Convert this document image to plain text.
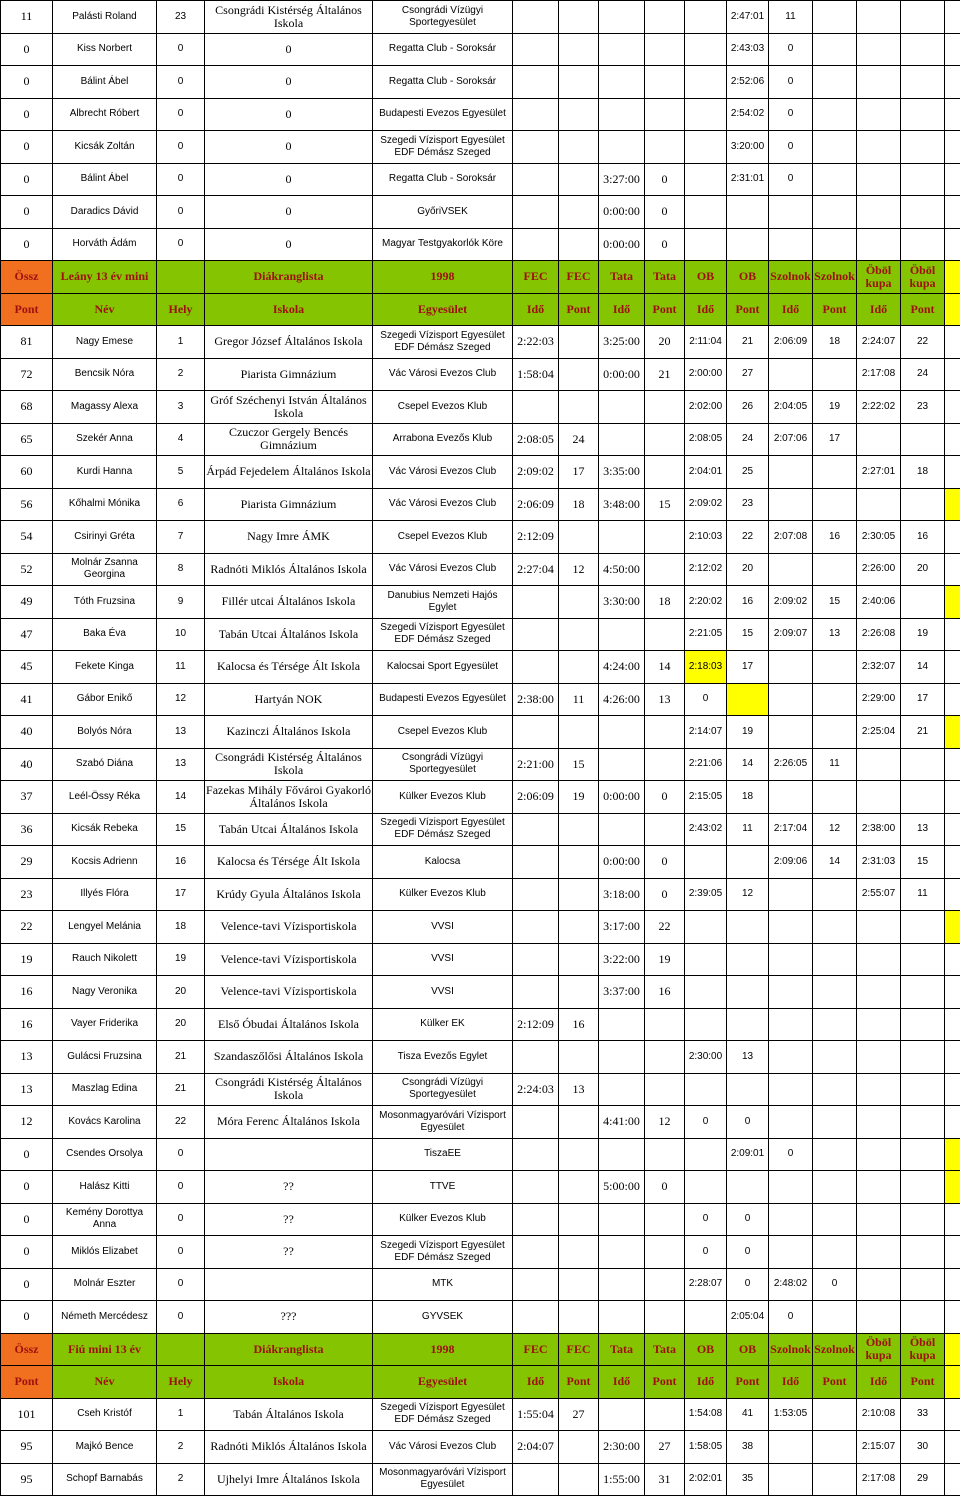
11	Palásti Roland	23	Csongrádi Kistérség Általános Iskola	Csongrádi Vízügyi Sportegyesület						2:47:01	11				
0	Kiss Norbert	0	0	Regatta Club - Soroksár						2:43:03	0				
0	Bálint Ábel	0	0	Regatta Club - Soroksár						2:52:06	0				
0	Albrecht Róbert	0	0	Budapesti Evezos Egyesület						2:54:02	0				
0	Kicsák Zoltán	0	0	Szegedi Vízisport Egyesület EDF Démász Szeged						3:20:00	0				
0	Bálint Ábel	0	0	Regatta Club - Soroksár			3:27:00	0		2:31:01	0				
0	Daradics Dávid	0	0	GyőriVSEK			0:00:00	0							
0	Horváth Ádám	0	0	Magyar Testgyakorlók Köre			0:00:00	0							
Össz	Leány 13 év mini		Diákranglista	1998	FEC	FEC	Tata	Tata	OB	OB	Szolnok	Szolnok	Öböl kupa	Öböl kupa	
Pont	Név	Hely	Iskola	Egyesület	Idő	Pont	Idő	Pont	Idő	Pont	Idő	Pont	Idő	Pont	
81	Nagy Emese	1	Gregor József Általános Iskola	Szegedi Vízisport Egyesület EDF Démász Szeged	2:22:03		3:25:00	20	2:11:04	21	2:06:09	18	2:24:07	22	
72	Bencsik Nóra	2	Piarista Gimnázium	Vác Városi Evezos Club	1:58:04		0:00:00	21	2:00:00	27			2:17:08	24	
68	Magassy Alexa	3	Gróf Széchenyi István Általános Iskola	Csepel Evezos Klub					2:02:00	26	2:04:05	19	2:22:02	23	
65	Szekér Anna	4	Czuczor Gergely Bencés Gimnázium	Arrabona Evezős Klub	2:08:05	24			2:08:05	24	2:07:06	17			
60	Kurdi Hanna	5	Árpád Fejedelem Általános Iskola	Vác Városi Evezos Club	2:09:02	17	3:35:00		2:04:01	25			2:27:01	18	
56	Kőhalmi Mónika	6	Piarista Gimnázium	Vác Városi Evezos Club	2:06:09	18	3:48:00	15	2:09:02	23					
54	Csirinyi Gréta	7	Nagy Imre ÁMK	Csepel Evezos Klub	2:12:09				2:10:03	22	2:07:08	16	2:30:05	16	
52	Molnár Zsanna Georgina	8	Radnóti Miklós Általános Iskola	Vác Városi Evezos Club	2:27:04	12	4:50:00		2:12:02	20			2:26:00	20	
49	Tóth Fruzsina	9	Fillér utcai Általános Iskola	Danubius Nemzeti Hajós Egylet			3:30:00	18	2:20:02	16	2:09:02	15	2:40:06		
47	Baka Éva	10	Tabán Utcai Általános Iskola	Szegedi Vízisport Egyesület EDF Démász Szeged					2:21:05	15	2:09:07	13	2:26:08	19	
45	Fekete Kinga	11	Kalocsa és Térsége Ált Iskola	Kalocsai Sport Egyesület			4:24:00	14	2:18:03	17			2:32:07	14	
41	Gábor Enikő	12	Hartyán NOK	Budapesti Evezos Egyesület	2:38:00	11	4:26:00	13	0				2:29:00	17	
40	Bolyós Nóra	13	Kazinczi Általános Iskola	Csepel Evezos Klub					2:14:07	19			2:25:04	21	
40	Szabó Diána	13	Csongrádi Kistérség Általános Iskola	Csongrádi Vízügyi Sportegyesület	2:21:00	15			2:21:06	14	2:26:05	11			
37	Leél-Össy Réka	14	Fazekas Mihály Fővároi Gyakorló Általános Iskola	Külker Evezos Klub	2:06:09	19	0:00:00	0	2:15:05	18					
36	Kicsák Rebeka	15	Tabán Utcai Általános Iskola	Szegedi Vízisport Egyesület EDF Démász Szeged					2:43:02	11	2:17:04	12	2:38:00	13	
29	Kocsis Adrienn	16	Kalocsa és Térsége Ált Iskola	Kalocsa			0:00:00	0			2:09:06	14	2:31:03	15	
23	Illyés Flóra	17	Krúdy Gyula Általános Iskola	Külker Evezos Klub			3:18:00	0	2:39:05	12			2:55:07	11	
22	Lengyel Melánia	18	Velence-tavi Vízisportiskola	VVSI			3:17:00	22							
19	Rauch Nikolett	19	Velence-tavi Vízisportiskola	VVSI			3:22:00	19							
16	Nagy Veronika	20	Velence-tavi Vízisportiskola	VVSI			3:37:00	16							
16	Vayer Friderika	20	Első Óbudai Általános Iskola	Külker EK	2:12:09	16									
13	Gulácsi Fruzsina	21	Szandaszőlősi Általános Iskola	Tisza Evezős Egylet					2:30:00	13					
13	Maszlag Edina	21	Csongrádi Kistérség Általános Iskola	Csongrádi Vízügyi Sportegyesület	2:24:03	13									
12	Kovács Karolina	22	Móra Ferenc Általános Iskola	Mosonmagyaróvári Vízisport Egyesület			4:41:00	12	0	0					
0	Csendes Orsolya	0		TiszaEE						2:09:01	0				
0	Halász Kitti	0	??	TTVE			5:00:00	0							
0	Kemény Dorottya Anna	0	??	Külker Evezos Klub					0	0					
0	Miklós Elizabet	0	??	Szegedi Vízisport Egyesület EDF Démász Szeged					0	0					
0	Molnár Eszter	0		MTK					2:28:07	0	2:48:02	0			
0	Németh Mercédesz	0	???	GYVSEK						2:05:04	0				
Össz	Fiú mini 13 év		Diákranglista	1998	FEC	FEC	Tata	Tata	OB	OB	Szolnok	Szolnok	Öböl kupa	Öböl kupa	
Pont	Név	Hely	Iskola	Egyesület	Idő	Pont	Idő	Pont	Idő	Pont	Idő	Pont	Idő	Pont	
101	Cseh Kristóf	1	Tabán Általános Iskola	Szegedi Vízisport Egyesület EDF Démász Szeged	1:55:04	27			1:54:08	41	1:53:05		2:10:08	33	
95	Majkó Bence	2	Radnóti Miklós Általános Iskola	Vác Városi Evezos Club	2:04:07		2:30:00	27	1:58:05	38			2:15:07	30	
95	Schopf Barnabás	2	Ujhelyi Imre Általános Iskola	Mosonmagyaróvári Vízisport Egyesület			1:55:00	31	2:02:01	35			2:17:08	29	
